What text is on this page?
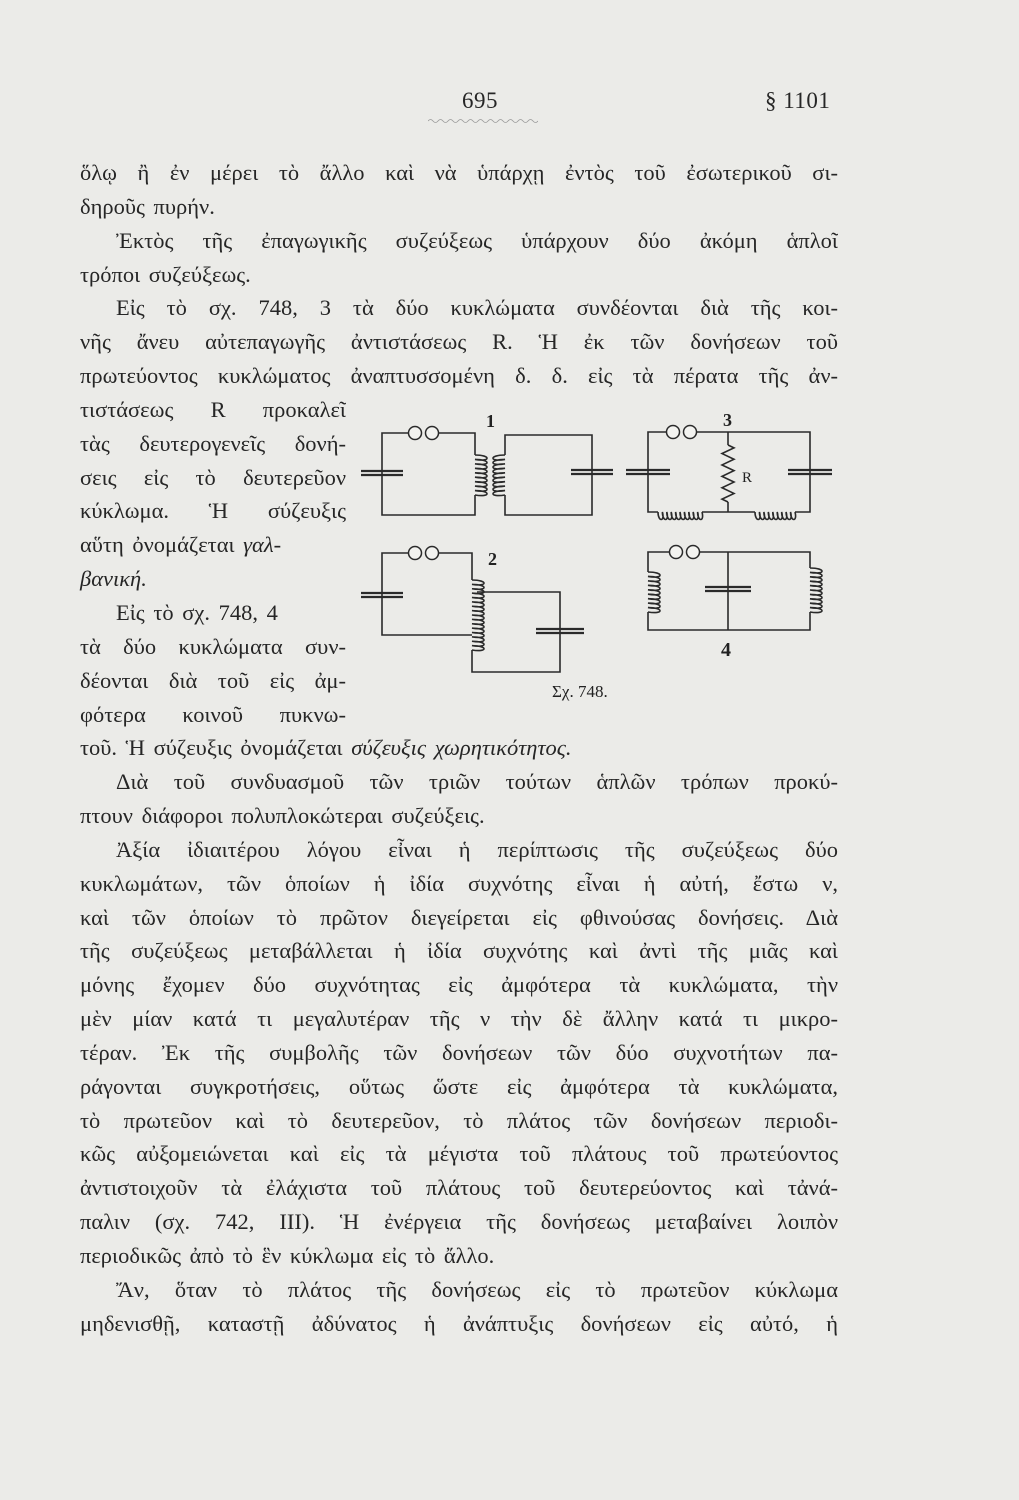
695	§ 1101
ὅλῳ ἢ ἐν μέρει τὸ ἄλλο καὶ νὰ ὑπάρχῃ ἐντὸς τοῦ ἐσωτερικοῦ σι-
δηροῦς πυρήν.
Ἐκτὸς τῆς ἐπαγωγικῆς συζεύξεως ὑπάρχουν δύο ἀκόμη ἁπλοῖ
τρόποι συζεύξεως.
Εἰς τὸ σχ. 748, 3 τὰ δύο κυκλώματα συνδέονται διὰ τῆς κοι-
νῆς ἄνευ αὐτεπαγωγῆς ἀντιστάσεως R. Ἡ ἐκ τῶν δονήσεων τοῦ
πρωτεύοντος κυκλώματος ἀναπτυσσομένη δ. δ. εἰς τὰ πέρατα τῆς ἀν-
τιστάσεως R προκαλεῖ
τὰς δευτερογενεῖς δονή-
σεις εἰς τὸ δευτερεῦον
κύκλωμα. Ἡ σύζευξις
αὕτη ὀνομάζεται γαλ-
βανική.
Εἰς τὸ σχ. 748, 4
τὰ δύο κυκλώματα συν-
δέονται διὰ τοῦ εἰς ἀμ-
φότερα κοινοῦ πυκνω-
τοῦ. Ἡ σύζευξις ὀνομάζεται σύζευξις χωρητικότητος.
Διὰ τοῦ συνδυασμοῦ τῶν τριῶν τούτων ἁπλῶν τρόπων προκύ-
πτουν διάφοροι πολυπλοκώτεραι συζεύξεις.
Ἀξία ἰδιαιτέρου λόγου εἶναι ἡ περίπτωσις τῆς συζεύξεως δύο
κυκλωμάτων, τῶν ὁποίων ἡ ἰδία συχνότης εἶναι ἡ αὐτή, ἔστω ν,
καὶ τῶν ὁποίων τὸ πρῶτον διεγείρεται εἰς φθινούσας δονήσεις. Διὰ
τῆς συζεύξεως μεταβάλλεται ἡ ἰδία συχνότης καὶ ἀντὶ τῆς μιᾶς καὶ
μόνης ἔχομεν δύο συχνότητας εἰς ἀμφότερα τὰ κυκλώματα, τὴν
μὲν μίαν κατά τι μεγαλυτέραν τῆς ν τὴν δὲ ἄλλην κατά τι μικρο-
τέραν. Ἐκ τῆς συμβολῆς τῶν δονήσεων τῶν δύο συχνοτήτων πα-
ράγονται συγκροτήσεις, οὕτως ὥστε εἰς ἀμφότερα τὰ κυκλώματα,
τὸ πρωτεῦον καὶ τὸ δευτερεῦον, τὸ πλάτος τῶν δονήσεων περιοδι-
κῶς αὐξομειώνεται καὶ εἰς τὰ μέγιστα τοῦ πλάτους τοῦ πρωτεύοντος
ἀντιστοιχοῦν τὰ ἐλάχιστα τοῦ πλάτους τοῦ δευτερεύοντος καὶ τἀνά-
παλιν (σχ. 742, III). Ἡ ἐνέργεια τῆς δονήσεως μεταβαίνει λοιπὸν
περιοδικῶς ἀπὸ τὸ ἓν κύκλωμα εἰς τὸ ἄλλο.
Ἄν, ὅταν τὸ πλάτος τῆς δονήσεως εἰς τὸ πρωτεῦον κύκλωμα
μηδενισθῇ, καταστῇ ἀδύνατος ἡ ἀνάπτυξις δονήσεων εἰς αὐτό, ἡ
1
2
3
4
R
Σχ. 748.
